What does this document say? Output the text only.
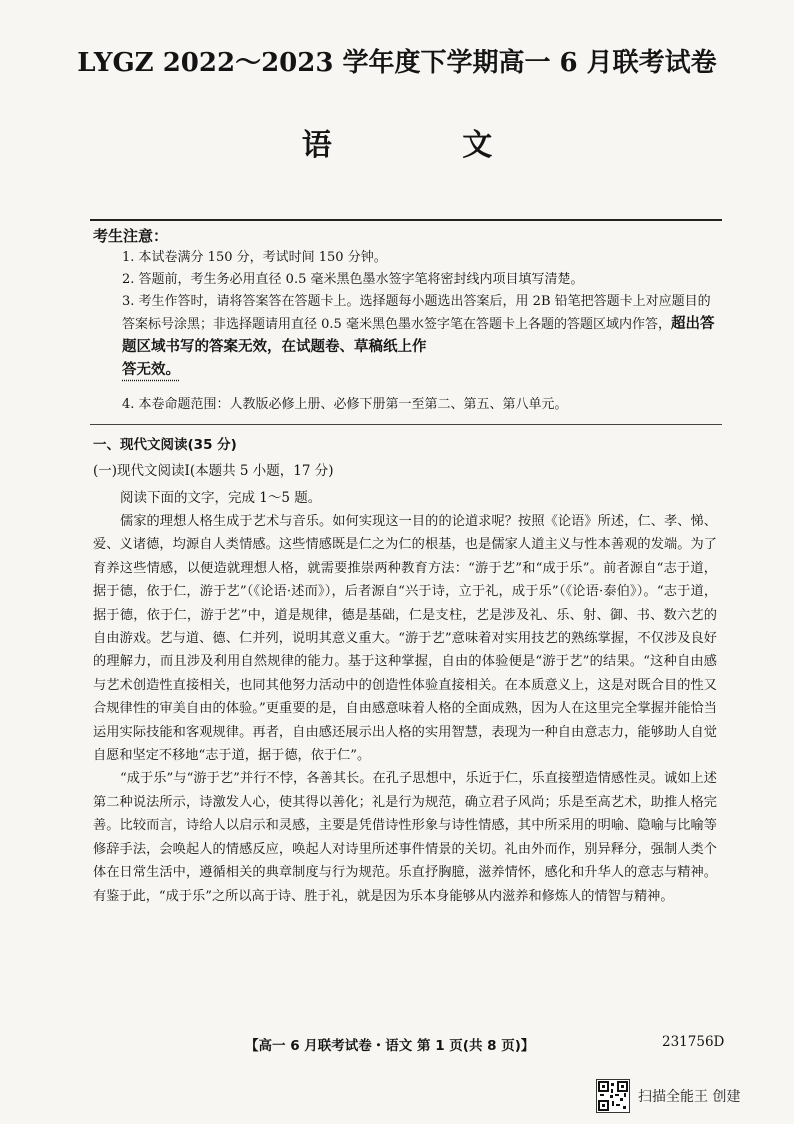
LYGZ 2022～2023 学年度下学期高一 6 月联考试卷
语 文
考生注意：

1. 本试卷满分 150 分，考试时间 150 分钟。

2. 答题前，考生务必用直径 0.5 毫米黑色墨水签字笔将密封线内项目填写清楚。

3. 考生作答时，请将答案答在答题卡上。选择题每小题选出答案后，用 2B 铅笔把答题卡上对应题目的答案标号涂黑；非选择题请用直径 0.5 毫米黑色墨水签字笔在答题卡上各题的答题区域内作答，超出答题区域书写的答案无效，在试题卷、草稿纸上作
答无效。

4. 本卷命题范围：人教版必修上册、必修下册第一至第二、第五、第八单元。

一、现代文阅读(35 分)
(一)现代文阅读Ⅰ(本题共 5 小题，17 分)
阅读下面的文字，完成 1～5 题。

儒家的理想人格生成于艺术与音乐。如何实现这一目的的论道求呢？按照《论语》所述，仁、孝、悌、爱、义诸德，均源自人类情感。这些情感既是仁之为仁的根基，也是儒家人道主义与性本善观的发端。为了育养这些情感，以便造就理想人格，就需要推崇两种教育方法：“游于艺”和“成于乐”。前者源自“志于道，据于德，依于仁，游于艺”（《论语·述而》），后者源自“兴于诗，立于礼，成于乐”（《论语·泰伯》）。“志于道，据于德，依于仁，游于艺”中，道是规律，德是基础，仁是支柱，艺是涉及礼、乐、射、御、书、数六艺的自由游戏。艺与道、德、仁并列，说明其意义重大。“游于艺”意味着对实用技艺的熟练掌握，不仅涉及良好的理解力，而且涉及利用自然规律的能力。基于这种掌握，自由的体验便是“游于艺”的结果。“这种自由感与艺术创造性直接相关，也同其他努力活动中的创造性体验直接相关。在本质意义上，这是对既合目的性又合规律性的审美自由的体验。”更重要的是，自由感意味着人格的全面成熟，因为人在这里完全掌握并能恰当运用实际技能和客观规律。再者，自由感还展示出人格的实用智慧，表现为一种自由意志力，能够助人自觉自愿和坚定不移地“志于道，据于德，依于仁”。

“成于乐”与“游于艺”并行不悖，各善其长。在孔子思想中，乐近于仁，乐直接塑造情感性灵。诚如上述第二种说法所示，诗激发人心，使其得以善化；礼是行为规范，确立君子风尚；乐是至高艺术，助推人格完善。比较而言，诗给人以启示和灵感，主要是凭借诗性形象与诗性情感，其中所采用的明喻、隐喻与比喻等修辞手法，会唤起人的情感反应，唤起人对诗里所述事件情景的关切。礼由外而作，别异释分，强制人类个体在日常生活中，遵循相关的典章制度与行为规范。乐直抒胸臆，滋养情怀，感化和升华人的意志与精神。有鉴于此，“成于乐”之所以高于诗、胜于礼，就是因为乐本身能够从内滋养和修炼人的情智与精神。

【高一 6 月联考试卷・语文 第 1 页(共 8 页)】	231756D
扫描全能王 创建
